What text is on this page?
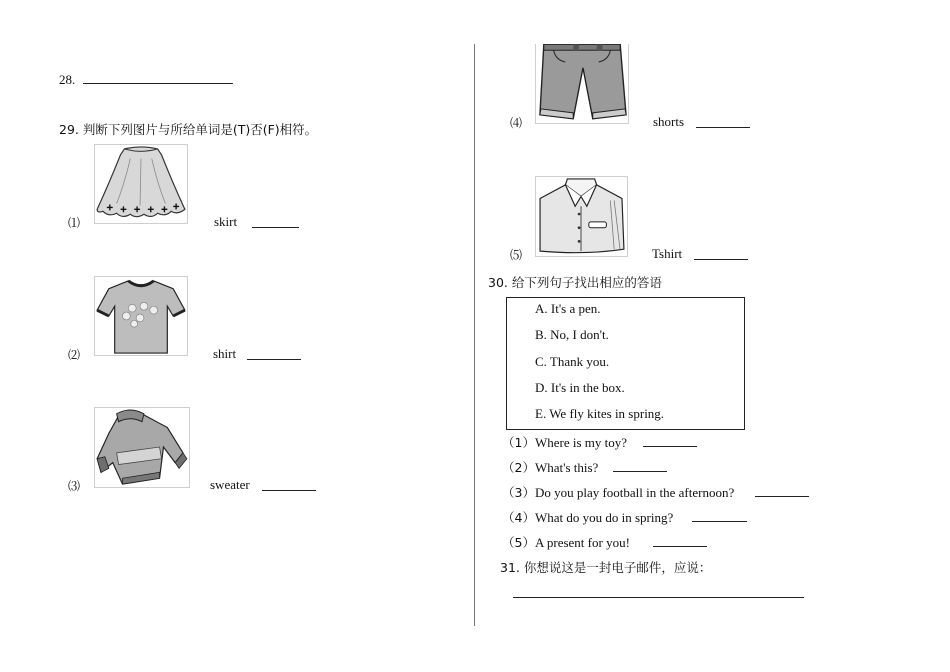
28.
29. 判断下列图片与所给单词是(T)否(F)相符。
⑴	skirt
⑵	shirt
⑶	sweater
⑷	shorts
⑸	Tshirt
30. 给下列句子找出相应的答语
A. It's a pen.
B. No, I don't.
C. Thank you.
D. It's in the box.
E. We fly kites in spring.
（1）Where is my toy?
（2）What's this?
（3）Do you play football in the afternoon?
（4）What do you do in spring?
（5）A present for you!
31. 你想说这是一封电子邮件，应说：
